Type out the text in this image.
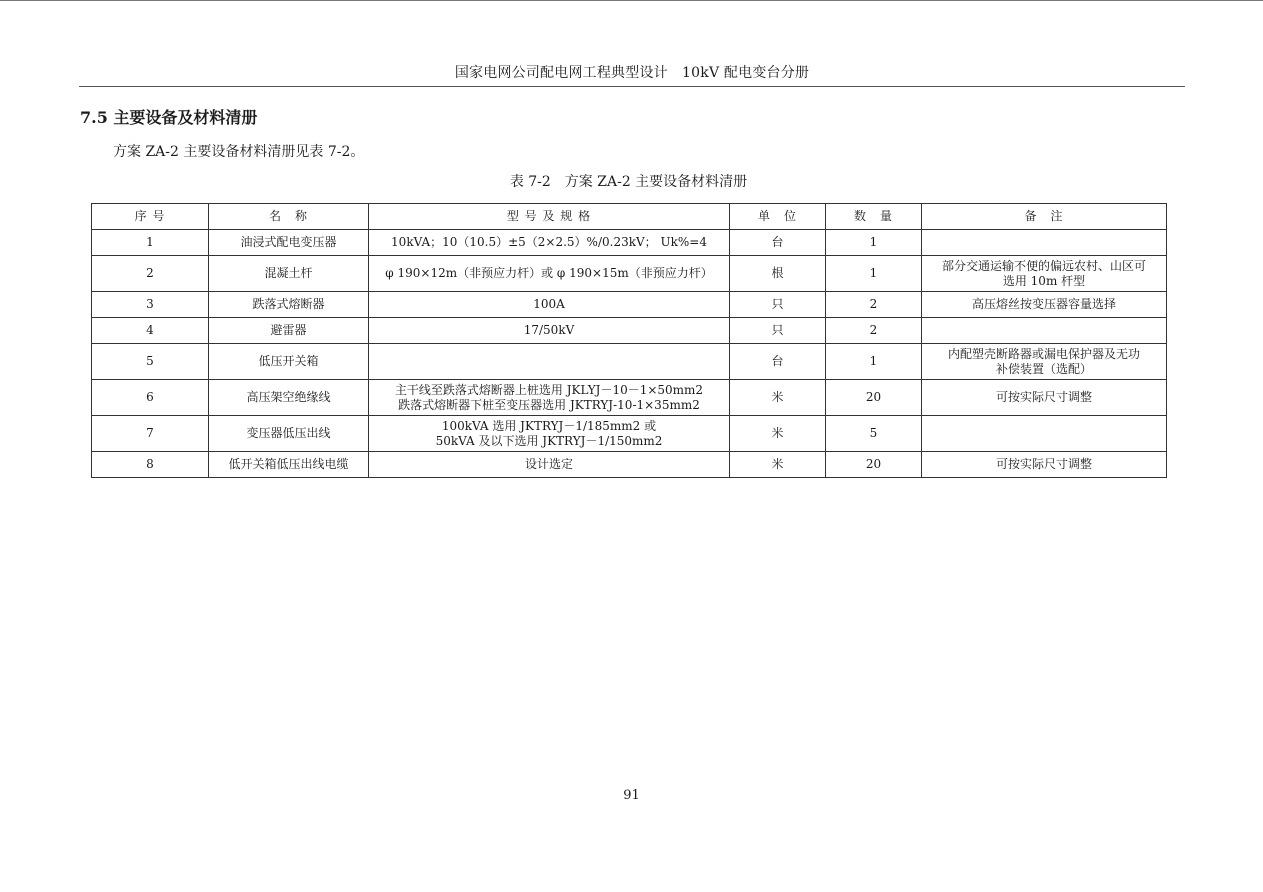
国家电网公司配电网工程典型设计　10kV 配电变台分册
7.5 主要设备及材料清册
方案 ZA-2 主要设备材料清册见表 7-2。
表 7-2　方案 ZA-2 主要设备材料清册
序 号	名　称	型 号 及 规 格	单　位	数　量	备　注
1	油浸式配电变压器	10kVA；10（10.5）±5（2×2.5）%/0.23kV； Uk%=4	台	1	
2	混凝土杆	φ 190×12m（非预应力杆）或 φ 190×15m（非预应力杆）	根	1	部分交通运输不便的偏远农村、山区可
选用 10m 杆型

3	跌落式熔断器	100A	只	2	高压熔丝按变压器容量选择
4	避雷器	17/50kV	只	2	
5	低压开关箱		台	1	内配塑壳断路器或漏电保护器及无功
补偿装置（选配）

6	高压架空绝缘线	主干线至跌落式熔断器上桩选用 JKLYJ－10－1×50mm2
跌落式熔断器下桩至变压器选用 JKTRYJ-10-1×35mm2	米	20	可按实际尺寸调整
7	变压器低压出线	100kVA 选用 JKTRYJ－1/185mm2 或
50kVA 及以下选用 JKTRYJ－1/150mm2	米	5	
8	低开关箱低压出线电缆	设计选定	米	20	可按实际尺寸调整
91
